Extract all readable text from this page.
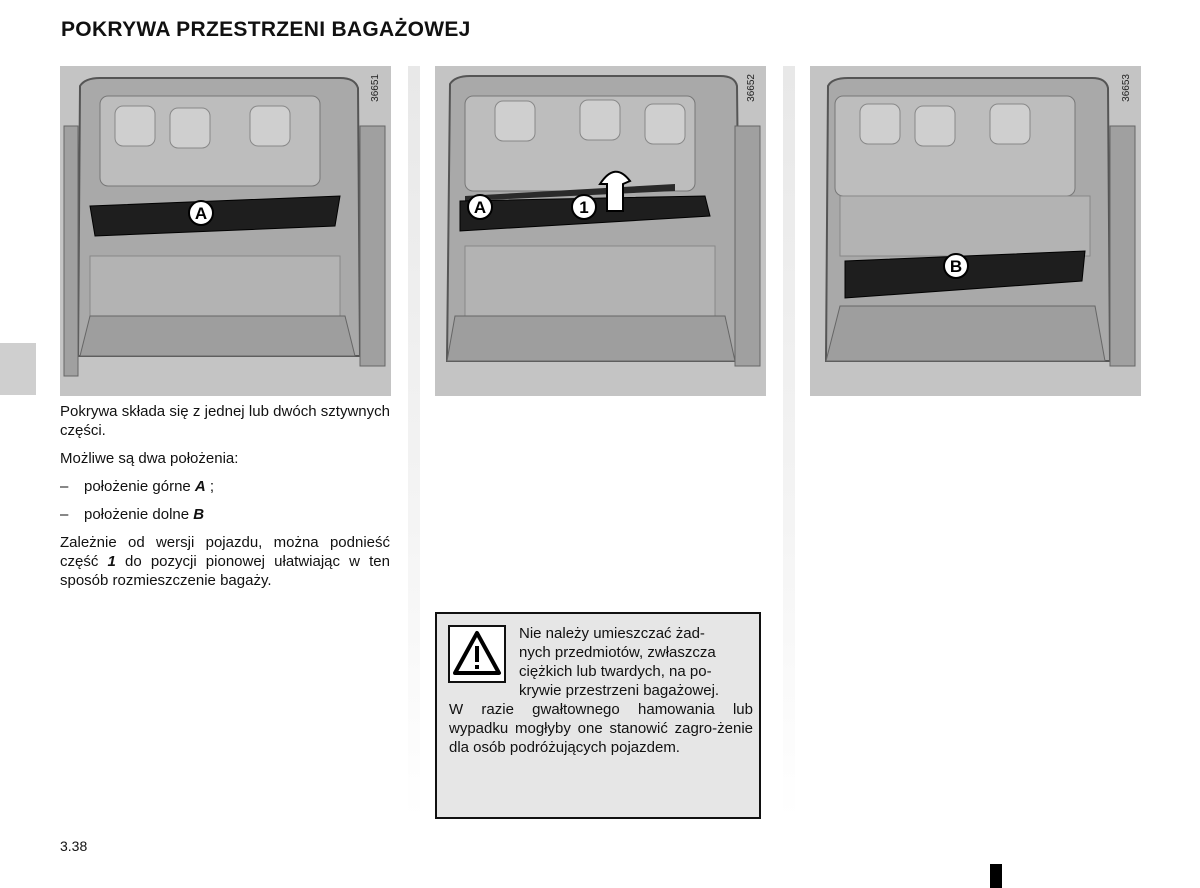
POKRYWA PRZESTRZENI BAGAŻOWEJ
A
36651
A	1
36652
B
36653

Pokrywa składa się z jednej lub dwóch sztywnych części.

Możliwe są dwa położenia:

–	położenie górne A ;

–	położenie dolne B

Zależnie od wersji pojazdu, można podnieść część 1 do pozycji pionowej ułatwiając w ten sposób rozmieszczenie bagaży.

Nie należy umieszczać żad-
nych przedmiotów, zwłaszcza
ciężkich lub twardych, na po-
krywie przestrzeni bagażowej.
W razie gwałtownego hamowania lub wypadku mogłyby one stanowić zagro-żenie dla osób podróżujących pojazdem.

3.38
